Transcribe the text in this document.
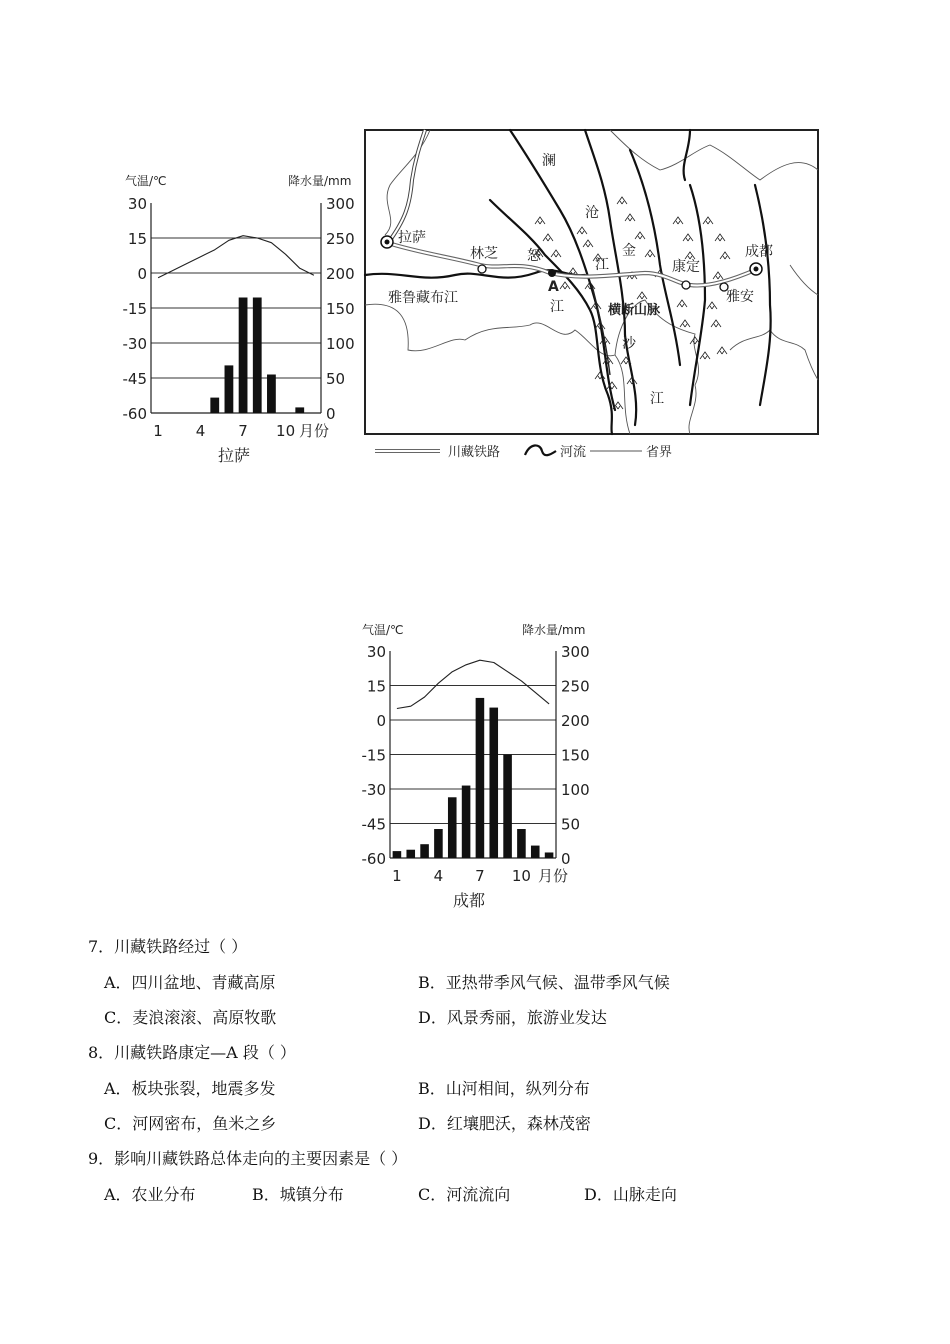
气温/℃	降水量/mm
月份
拉萨
30
15
0
-15
-30
-45
-60
300
250
200
150
100
50
0
1 4 7 10
气温/℃	降水量/mm
月份
成都
30
15
0
-15
-30
-45
-60
300
250
200
150
100
50
0
1 4 7 10
拉萨
林芝	成都
康定
雅安
A
雅鲁藏布江
横断山脉
澜
沧
江
金
江
怒
江
沙
川藏铁路	河流	省界
7．川藏铁路经过（ ）
A．四川盆地、青藏高原	B．亚热带季风气候、温带季风气候
C．麦浪滚滚、高原牧歌	D．风景秀丽，旅游业发达
8．川藏铁路康定—A 段（ ）
A．板块张裂，地震多发	B．山河相间，纵列分布
C．河网密布，鱼米之乡	D．红壤肥沃，森林茂密
9．影响川藏铁路总体走向的主要因素是（ ）
A．农业分布	B．城镇分布	C．河流流向	D．山脉走向
